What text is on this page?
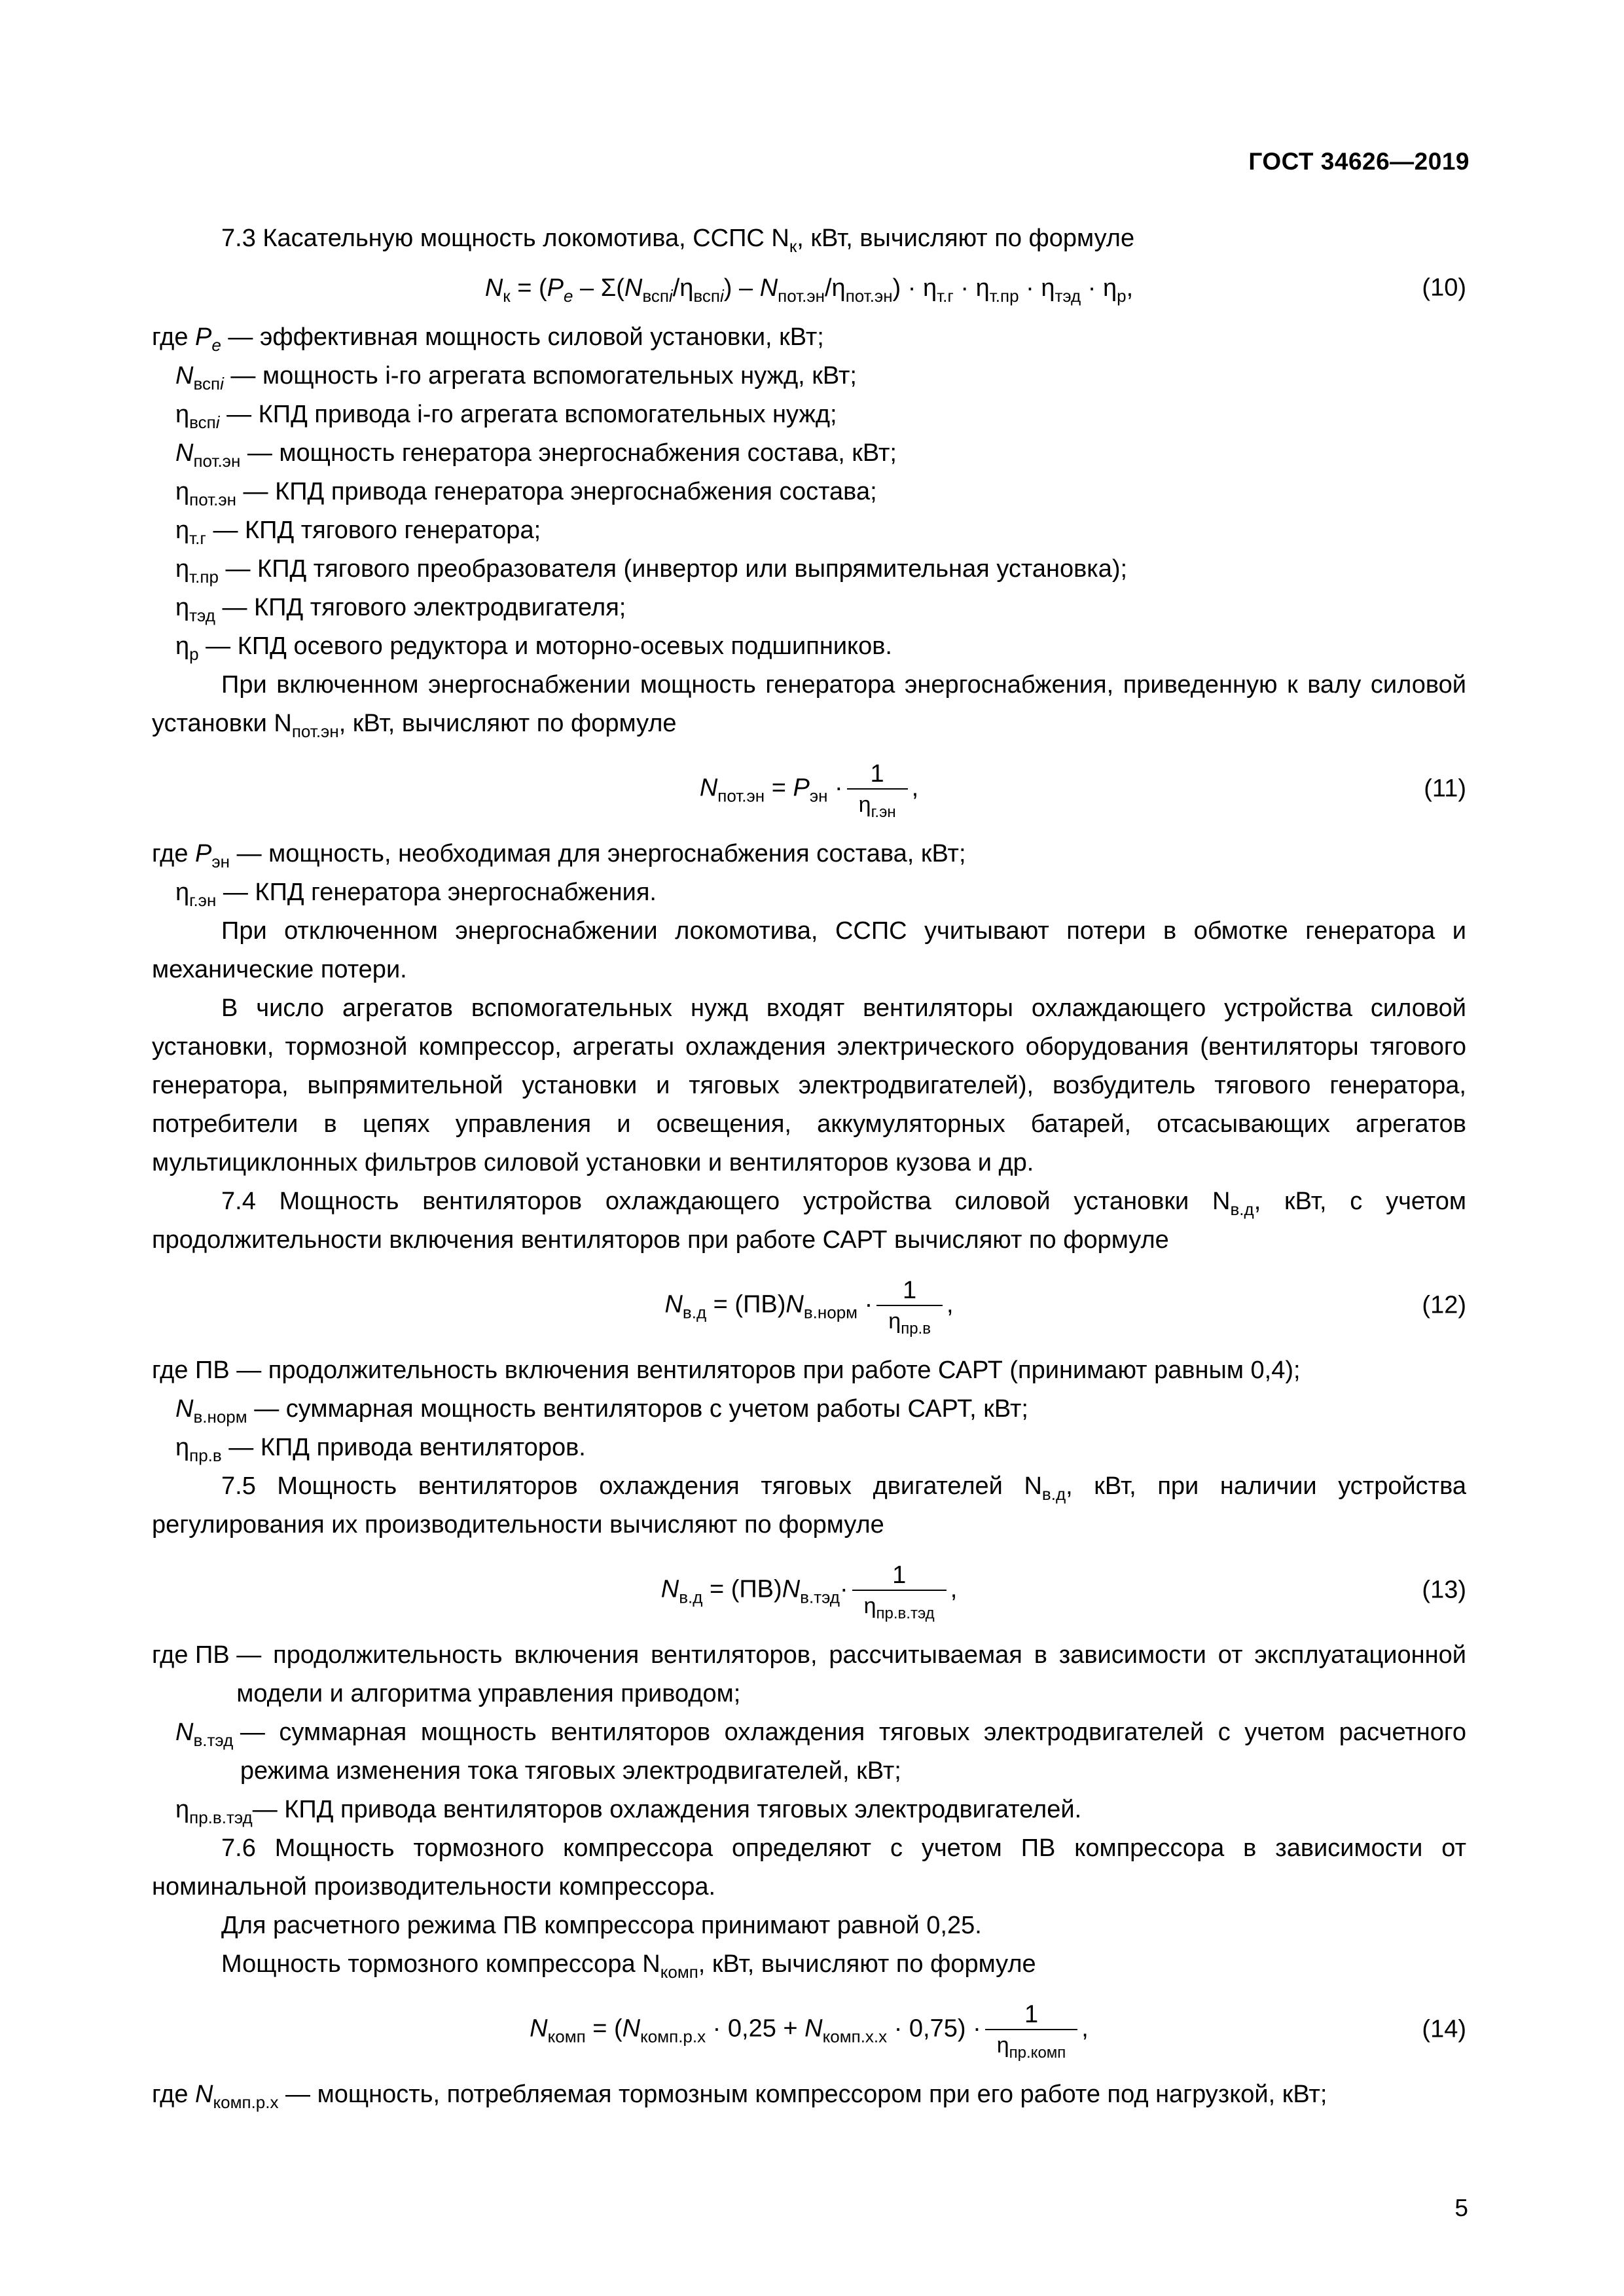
ГОСТ 34626—2019

7.3 Касательную мощность локомотива, ССПС $N_к$, кВт, вычисляют по формуле

$N_к = (P_e - \Sigma(N_{вспi}/\eta_{вспi}) - N_{пот.эн}/\eta_{пот.эн}) \cdot \eta_{т.г} \cdot \eta_{т.пр} \cdot \eta_{тэд} \cdot \eta_р$,	(10)
где $P_e$ — эффективная мощность силовой установки, кВт;
$N_{вспi}$ — мощность i-го агрегата вспомогательных нужд, кВт;
$\eta_{вспi}$ — КПД привода i-го агрегата вспомогательных нужд;
$N_{пот.эн}$ — мощность генератора энергоснабжения состава, кВт;
$\eta_{пот.эн}$ — КПД привода генератора энергоснабжения состава;
$\eta_{т.г}$ — КПД тягового генератора;
$\eta_{т.пр}$ — КПД тягового преобразователя (инвертор или выпрямительная установка);
$\eta_{тэд}$ — КПД тягового электродвигателя;
$\eta_р$ — КПД осевого редуктора и моторно-осевых подшипников.

При включенном энергоснабжении мощность генератора энергоснабжения, приведенную к валу силовой установки $N_{пот.эн}$, кВт, вычисляют по формуле

$N_{пот.эн} = P_{эн} \cdot \frac{1}{\eta_{г.эн}}$ ,	(11)
где $P_{эн}$ — мощность, необходимая для энергоснабжения состава, кВт;
$\eta_{г.эн}$ — КПД генератора энергоснабжения.

При отключенном энергоснабжении локомотива, ССПС учитывают потери в обмотке генератора и механические потери.

В число агрегатов вспомогательных нужд входят вентиляторы охлаждающего устройства силовой установки, тормозной компрессор, агрегаты охлаждения электрического оборудования (вентиляторы тягового генератора, выпрямительной установки и тяговых электродвигателей), возбудитель тягового генератора, потребители в цепях управления и освещения, аккумуляторных батарей, отсасывающих агрегатов мультициклонных фильтров силовой установки и вентиляторов кузова и др.

7.4 Мощность вентиляторов охлаждающего устройства силовой установки $N_{в.д}$, кВт, с учетом продолжительности включения вентиляторов при работе САРТ вычисляют по формуле

$N_{в.д} = (ПВ)N_{в.норм} \cdot \frac{1}{\eta_{пр.в}}$ ,	(12)
где ПВ — продолжительность включения вентиляторов при работе САРТ (принимают равным 0,4);
$N_{в.норм}$ — суммарная мощность вентиляторов с учетом работы САРТ, кВт;
$\eta_{пр.в}$ — КПД привода вентиляторов.

7.5 Мощность вентиляторов охлаждения тяговых двигателей $N_{в.д}$, кВт, при наличии устройства регулирования их производительности вычисляют по формуле

$N_{в.д} = (ПВ)N_{в.тэд}\cdot \frac{1}{\eta_{пр.в.тэд}}$ ,	(13)
где ПВ — продолжительность включения вентиляторов, рассчитываемая в зависимости от эксплуатационной модели и алгоритма управления приводом;
$N_{в.тэд}$ — суммарная мощность вентиляторов охлаждения тяговых электродвигателей с учетом расчетного режима изменения тока тяговых электродвигателей, кВт;
$\eta_{пр.в.тэд}$ — КПД привода вентиляторов охлаждения тяговых электродвигателей.

7.6 Мощность тормозного компрессора определяют с учетом ПВ компрессора в зависимости от номинальной производительности компрессора.

Для расчетного режима ПВ компрессора принимают равной 0,25.

Мощность тормозного компрессора $N_{комп}$, кВт, вычисляют по формуле

$N_{комп} = (N_{комп.р.х} \cdot 0,25 + N_{комп.х.х} \cdot 0,75) \cdot \frac{1}{\eta_{пр.комп}}$ ,	(14)
где $N_{комп.р.х}$ — мощность, потребляемая тормозным компрессором при его работе под нагрузкой, кВт;
5
